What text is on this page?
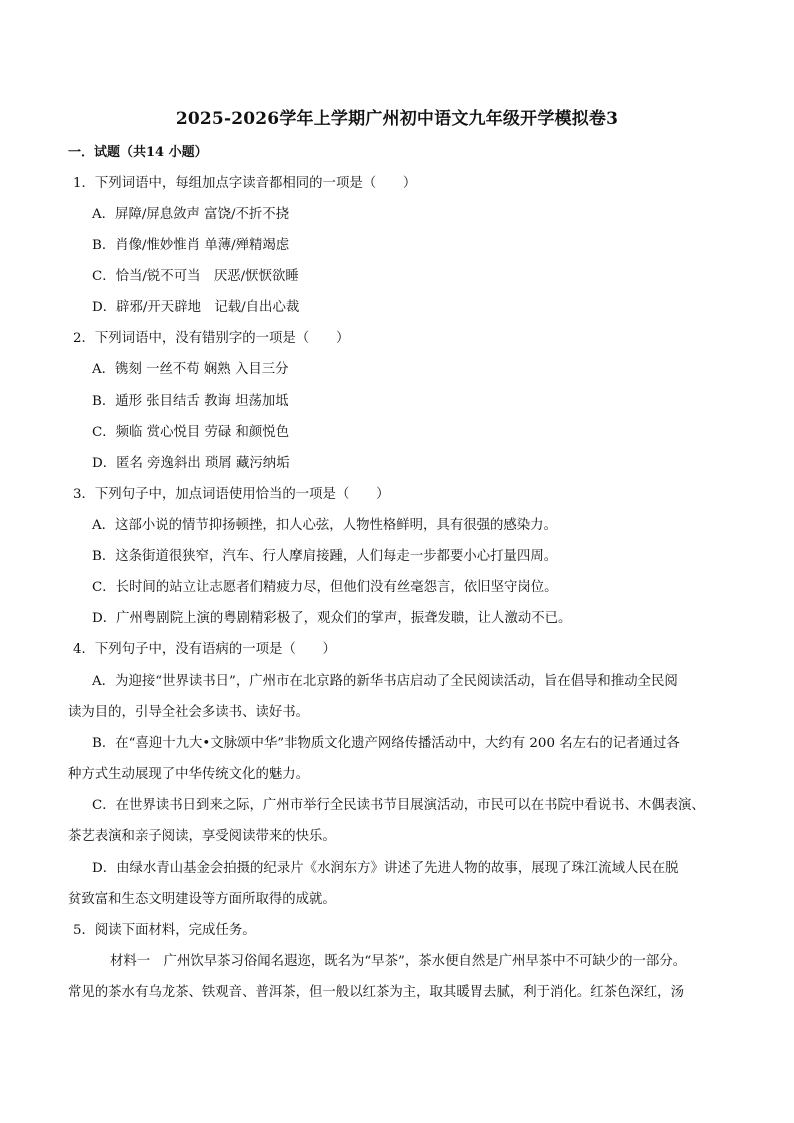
2025-2026学年上学期广州初中语文九年级开学模拟卷3
一．试题（共14 小题）
1．下列词语中，每组加点字读音都相同的一项是（　　）
A．屏障/屏息敛声 富饶/不折不挠
B．肖像/惟妙惟肖 单薄/殚精竭虑
C．恰当/锐不可当　厌恶/恹恹欲睡
D．辟邪/开天辟地　记载/自出心裁
2．下列词语中，没有错别字的一项是（　　）
A．镌刻 一丝不苟 娴熟 入目三分
B．遁形 张目结舌 教诲 坦荡加坻
C．频临 赏心悦目 劳碌 和颜悦色
D．匿名 旁逸斜出 琐屑 藏污纳垢
3．下列句子中，加点词语使用恰当的一项是（　　）
A．这部小说的情节抑扬顿挫，扣人心弦，人物性格鲜明，具有很强的感染力。
B．这条街道很狭窄，汽车、行人摩肩接踵，人们每走一步都要小心打量四周。
C．长时间的站立让志愿者们精疲力尽，但他们没有丝毫怨言，依旧坚守岗位。
D．广州粤剧院上演的粤剧精彩极了，观众们的掌声，振聋发聩，让人激动不已。
4．下列句子中，没有语病的一项是（　　）
A．为迎接“世界读书日”，广州市在北京路的新华书店启动了全民阅读活动，旨在倡导和推动全民阅
读为目的，引导全社会多读书、读好书。
B．在“喜迎十九大•文脉颂中华”非物质文化遗产网络传播活动中，大约有 200 名左右的记者通过各
种方式生动展现了中华传统文化的魅力。
C．在世界读书日到来之际，广州市举行全民读书节目展演活动，市民可以在书院中看说书、木偶表演、
茶艺表演和亲子阅读，享受阅读带来的快乐。
D．由绿水青山基金会拍摄的纪录片《水润东方》讲述了先进人物的故事，展现了珠江流域人民在脱
贫致富和生态文明建设等方面所取得的成就。
5．阅读下面材料，完成任务。
材料一　广州饮早茶习俗闻名遐迩，既名为“早茶”，茶水便自然是广州早茶中不可缺少的一部分。
常见的茶水有乌龙茶、铁观音、普洱茶，但一般以红茶为主，取其暖胃去腻，利于消化。红茶色深红，汤
